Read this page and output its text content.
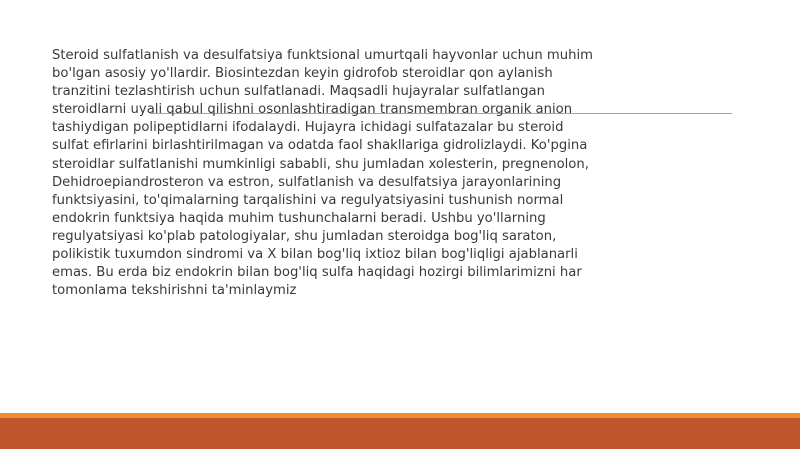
Steroid sulfatlanish va desulfatsiya funktsional umurtqali hayvonlar uchun muhim
bo'lgan asosiy yo'llardir. Biosintezdan keyin gidrofob steroidlar qon aylanish
tranzitini tezlashtirish uchun sulfatlanadi. Maqsadli hujayralar sulfatlangan
steroidlarni uyali qabul qilishni osonlashtiradigan transmembran organik anion
tashiydigan polipeptidlarni ifodalaydi. Hujayra ichidagi sulfatazalar bu steroid
sulfat efirlarini birlashtirilmagan va odatda faol shakllariga gidrolizlaydi. Ko'pgina
steroidlar sulfatlanishi mumkinligi sababli, shu jumladan xolesterin, pregnenolon,
Dehidroepiandrosteron va estron, sulfatlanish va desulfatsiya jarayonlarining
funktsiyasini, to'qimalarning tarqalishini va regulyatsiyasini tushunish normal
endokrin funktsiya haqida muhim tushunchalarni beradi. Ushbu yo'llarning
regulyatsiyasi ko'plab patologiyalar, shu jumladan steroidga bog'liq saraton,
polikistik tuxumdon sindromi va X bilan bog'liq ixtioz bilan bog'liqligi ajablanarli
emas. Bu erda biz endokrin bilan bog'liq sulfa haqidagi hozirgi bilimlarimizni har
tomonlama tekshirishni ta'minlaymiz
